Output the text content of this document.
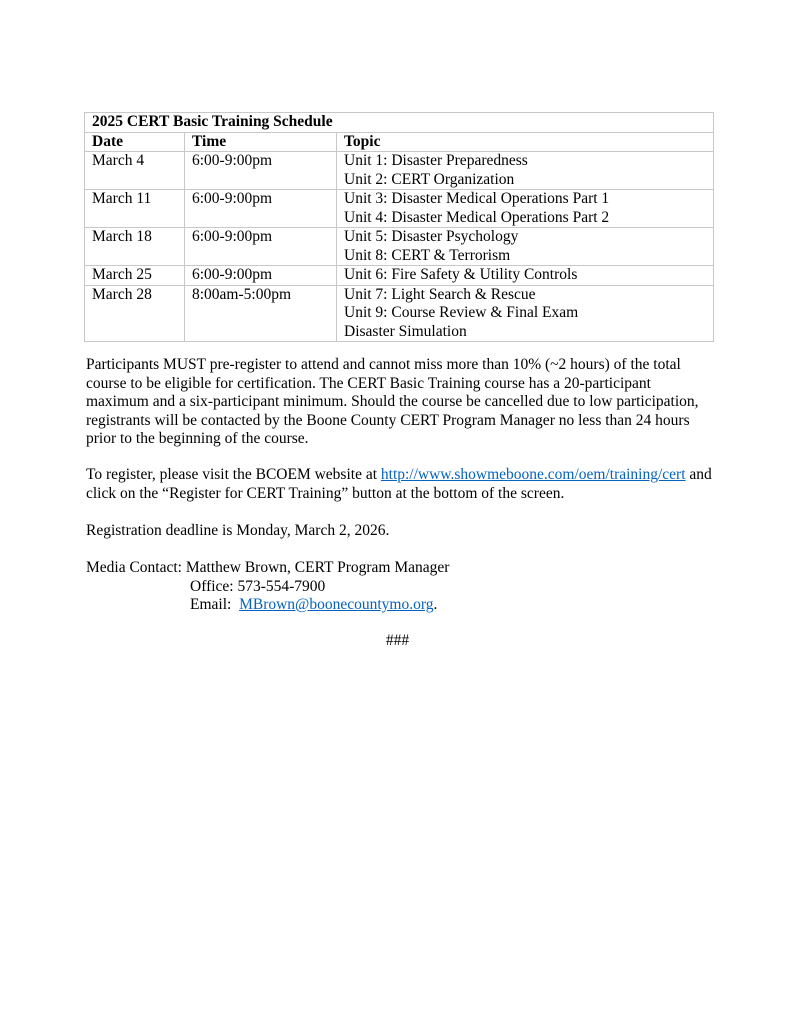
2025 CERT Basic Training Schedule		
Date	Time	Topic
March 4	6:00-9:00pm	Unit 1: Disaster Preparedness
Unit 2: CERT Organization

March 11	6:00-9:00pm	Unit 3: Disaster Medical Operations Part 1
Unit 4: Disaster Medical Operations Part 2

March 18	6:00-9:00pm	Unit 5: Disaster Psychology
Unit 8: CERT & Terrorism

March 25	6:00-9:00pm	Unit 6: Fire Safety & Utility Controls

March 28	8:00am-5:00pm	Unit 7: Light Search & Rescue
Unit 9: Course Review & Final Exam
Disaster Simulation

Participants MUST pre-register to attend and cannot miss more than 10% (~2 hours) of the total course to be eligible for certification. The CERT Basic Training course has a 20-participant maximum and a six-participant minimum. Should the course be cancelled due to low participation, registrants will be contacted by the Boone County CERT Program Manager no less than 24 hours prior to the beginning of the course.

To register, please visit the BCOEM website at http://www.showmeboone.com/oem/training/cert and click on the “Register for CERT Training” button at the bottom of the screen.

Registration deadline is Monday, March 2, 2026.

Media Contact: Matthew Brown, CERT Program Manager
Office: 573-554-7900
Email:  MBrown@boonecountymo.org.
###
